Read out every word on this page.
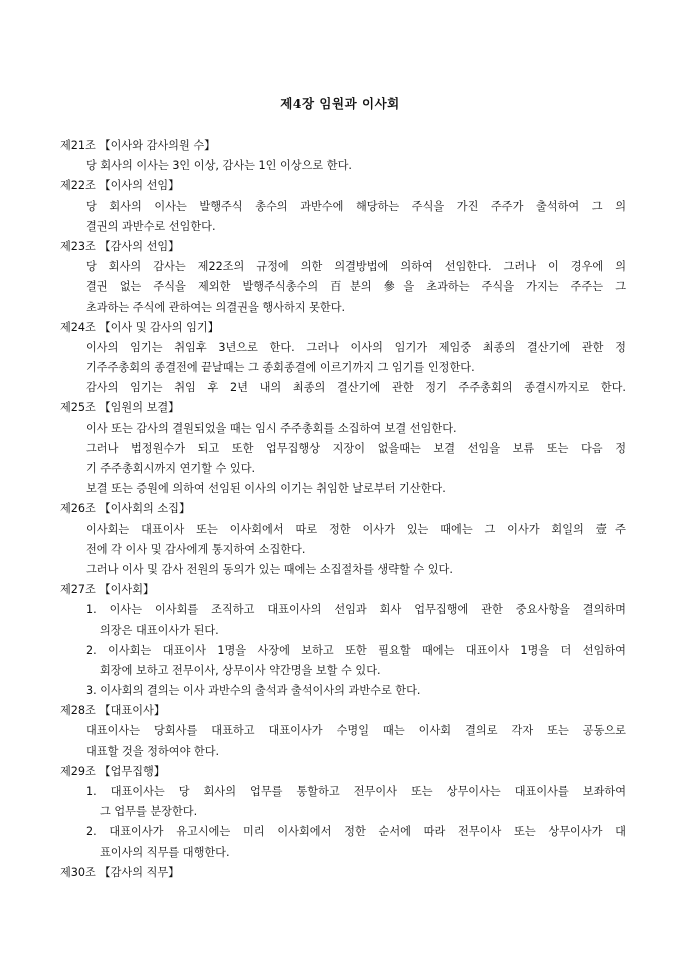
제4장 임원과 이사회
제21조 【이사와 감사의원 수】
당 회사의 이사는 3인 이상, 감사는 1인 이상으로 한다.
제22조 【이사의 선임】
당 회사의 이사는 발행주식 총수의 과반수에 해당하는 주식을 가진 주주가 출석하여 그 의
결권의 과반수로 선임한다.
제23조 【감사의 선임】
당 회사의 감사는 제22조의 규정에 의한 의결방법에 의하여 선임한다. 그러나 이 경우에 의
결권 없는 주식을 제외한 발행주식총수의 百분의 參을 초과하는 주식을 가지는 주주는 그
초과하는 주식에 관하여는 의결권을 행사하지 못한다.
제24조 【이사 및 감사의 임기】
이사의 임기는 취임후 3년으로 한다. 그러나 이사의 임기가 제임중 최종의 결산기에 관한 정
기주주총회의 종결전에 끝날때는 그 종회종결에 이르기까지 그 임기를 인정한다.
감사의 임기는 취임 후 2년 내의 최종의 결산기에 관한 정기 주주총회의 종결시까지로 한다.
제25조 【임원의 보결】
이사 또는 감사의 결원되었을 때는 임시 주주총회를 소집하여 보결 선임한다.
그러나 법정원수가 되고 또한 업무집행상 지장이 없을때는 보결 선임을 보류 또는 다음 정
기 주주총회시까지 연기할 수 있다.
보결 또는 증원에 의하여 선임된 이사의 이기는 취임한 날로부터 기산한다.
제26조 【이사회의 소집】
이사회는 대표이사 또는 이사회에서 따로 정한 이사가 있는 때에는 그 이사가 회일의 壹주
전에 각 이사 및 감사에게 통지하여 소집한다.
그러나 이사 및 감사 전원의 동의가 있는 때에는 소집절차를 생략할 수 있다.
제27조 【이사회】
1. 이사는 이사회를 조직하고 대표이사의 선임과 회사 업무집행에 관한 중요사항을 결의하며
의장은 대표이사가 된다.
2. 이사회는 대표이사 1명을 사장에 보하고 또한 필요할 때에는 대표이사 1명을 더 선임하여
회장에 보하고 전무이사, 상무이사 약간명을 보할 수 있다.
3. 이사회의 결의는 이사 과반수의 출석과 출석이사의 과반수로 한다.
제28조 【대표이사】
대표이사는 당회사를 대표하고 대표이사가 수명일 때는 이사회 결의로 각자 또는 공동으로
대표할 것을 정하여야 한다.
제29조 【업무집행】
1. 대표이사는 당 회사의 업무를 통할하고 전무이사 또는 상무이사는 대표이사를 보좌하여
그 업무를 분장한다.
2. 대표이사가 유고시에는 미리 이사회에서 정한 순서에 따라 전무이사 또는 상무이사가 대
표이사의 직무를 대행한다.
제30조 【감사의 직무】
